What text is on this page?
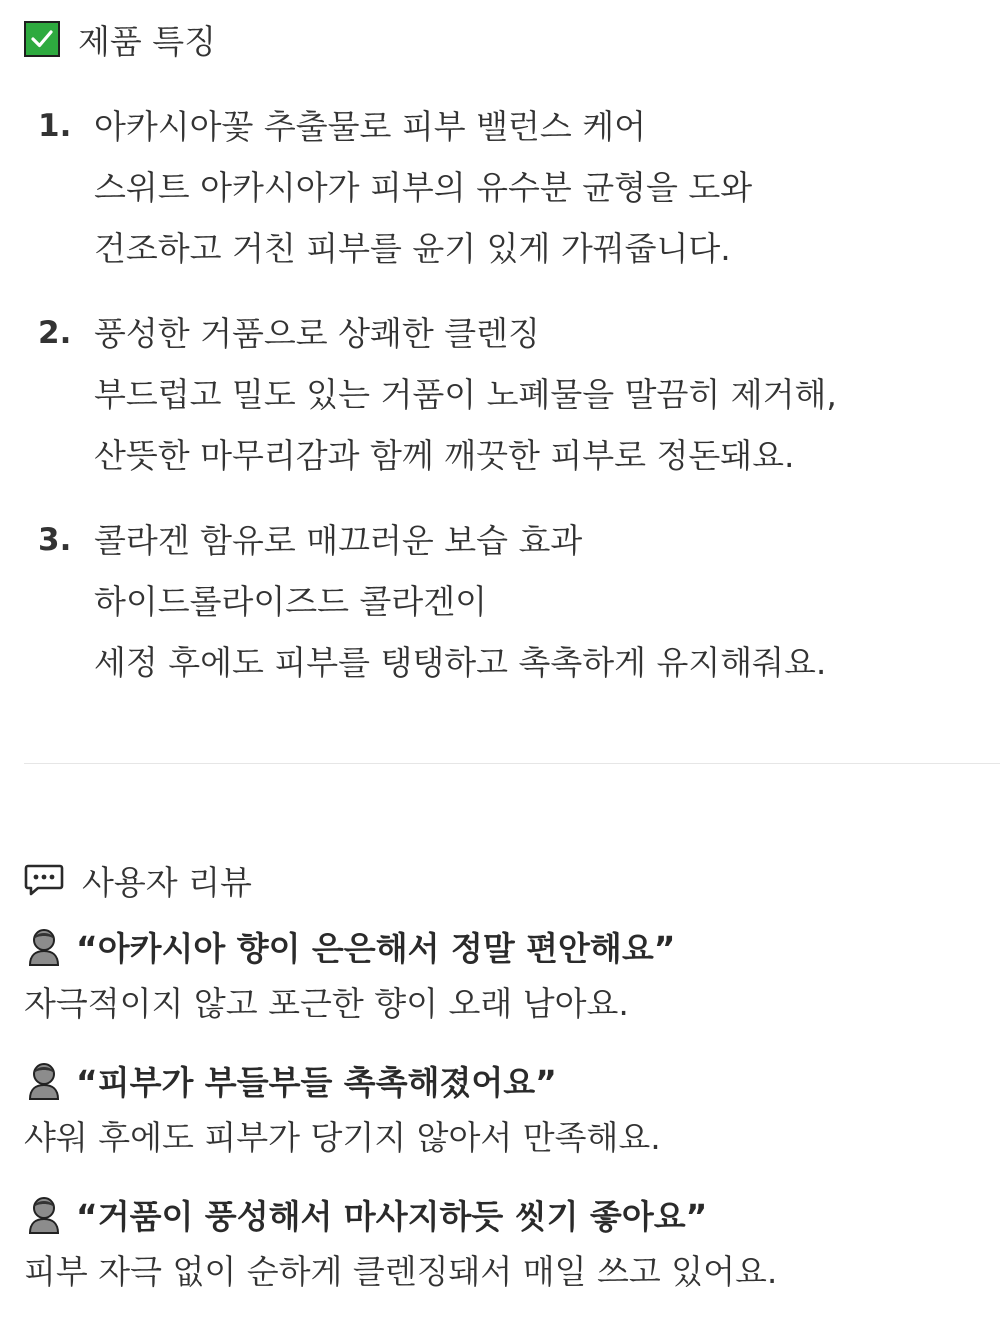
제품 특징
1. 아카시아꽃 추출물로 피부 밸런스 케어
스위트 아카시아가 피부의 유수분 균형을 도와
건조하고 거친 피부를 윤기 있게 가꿔줍니다.
2. 풍성한 거품으로 상쾌한 클렌징
부드럽고 밀도 있는 거품이 노폐물을 말끔히 제거해,
산뜻한 마무리감과 함께 깨끗한 피부로 정돈돼요.
3. 콜라겐 함유로 매끄러운 보습 효과
하이드롤라이즈드 콜라겐이
세정 후에도 피부를 탱탱하고 촉촉하게 유지해줘요.
사용자 리뷰
“아카시아 향이 은은해서 정말 편안해요”
자극적이지 않고 포근한 향이 오래 남아요.
“피부가 부들부들 촉촉해졌어요”
샤워 후에도 피부가 당기지 않아서 만족해요.
“거품이 풍성해서 마사지하듯 씻기 좋아요”
피부 자극 없이 순하게 클렌징돼서 매일 쓰고 있어요.
